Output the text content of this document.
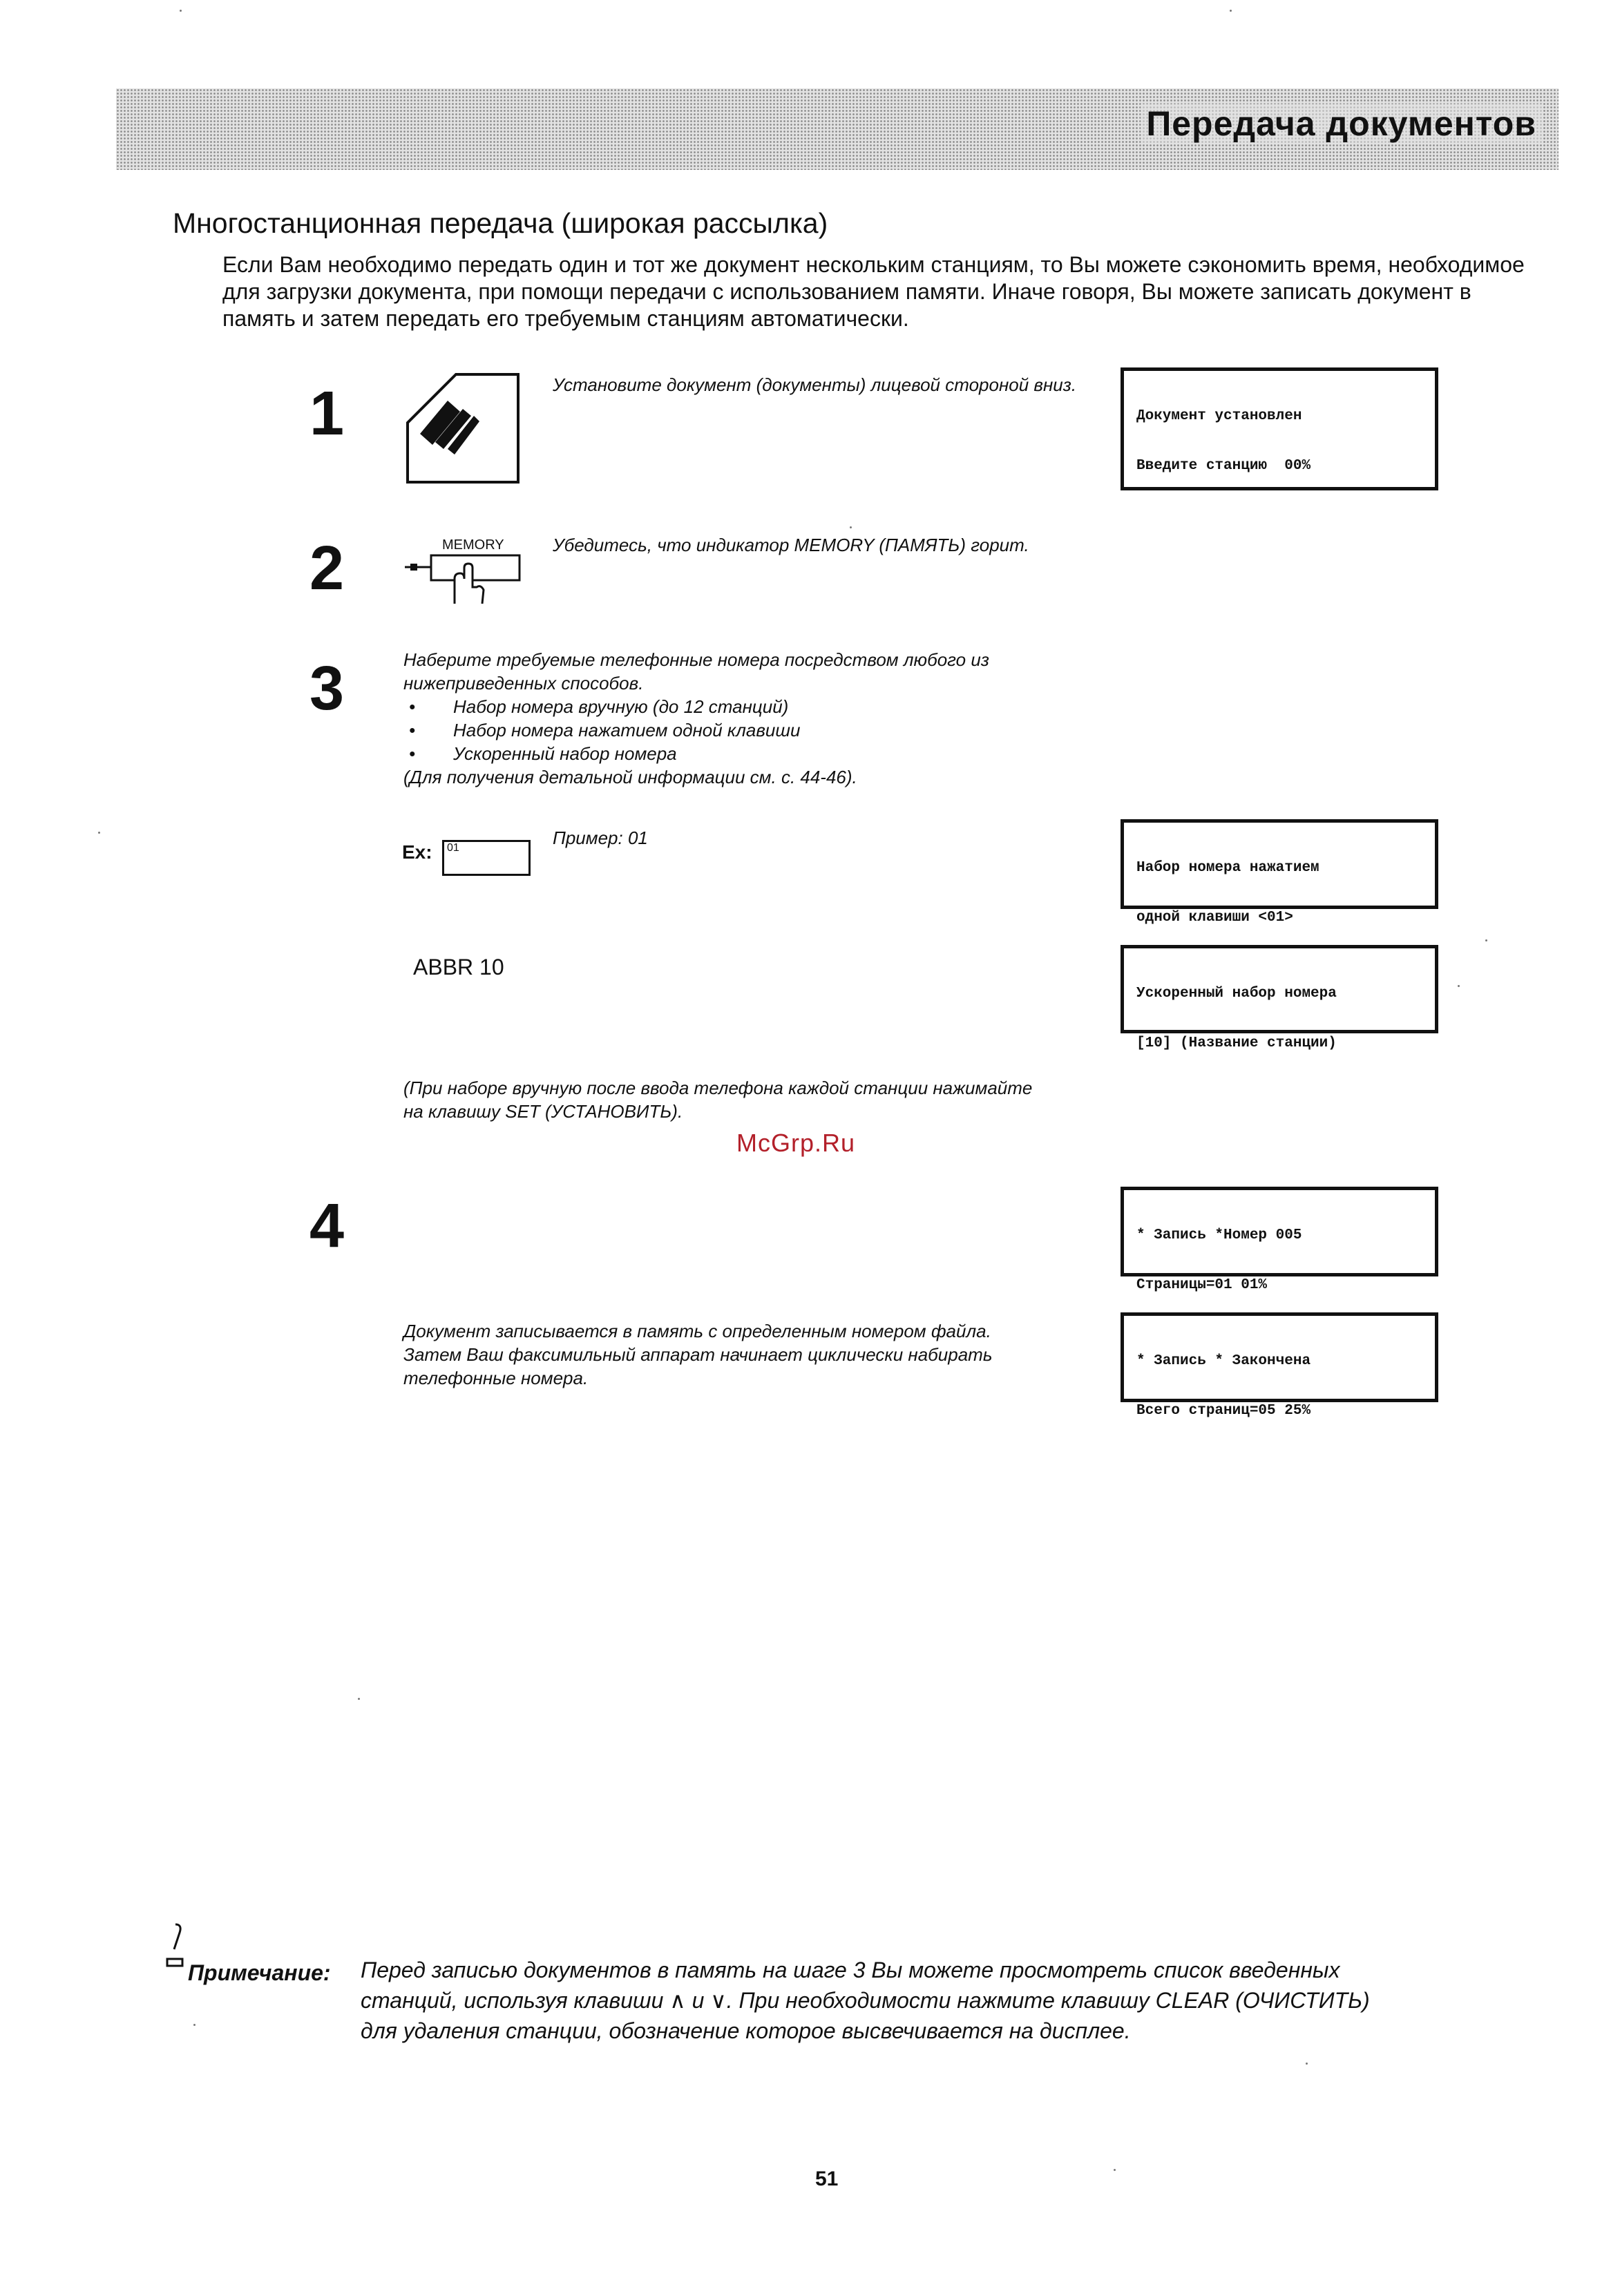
Передача документов
Многостанционная передача (широкая рассылка)
Если Вам необходимо передать один и тот же документ нескольким станциям, то Вы можете сэкономить время, необходимое для загрузки документа, при помощи передачи с использованием памяти. Иначе говоря, Вы можете записать документ в память и затем передать его требуемым станциям автоматически.
1	Установите документ (документы) лицевой стороной вниз.

Документ установлен

Введите станцию  00%

2	MEMORY	Убедитесь, что индикатор MEMORY (ПАМЯТЬ) горит.
3	Наберите требуемые телефонные номера посредством любого из
нижеприведенных способов.
• Набор номера вручную (до 12 станций)
• Набор номера нажатием одной клавиши
• Ускоренный набор номера
(Для получения детальной информации см. с. 44-46).
Ex: 01	Пример: 01

Набор номера нажатием

одной клавиши <01>

ABBR 10

Ускоренный набор номера

[10] (Название станции)

(При наборе вручную после ввода телефона каждой станции нажимайте
на клавишу SET (УСТАНОВИТЬ).
McGrp.Ru
4

	* Запись *Номер 005

Страницы=01 01%

Документ записывается в память с определенным номером файла.
Затем Ваш факсимильный аппарат начинает циклически набирать
телефонные номера.

* Запись * Закончена

Всего страниц=05 25%

Примечание: Перед записью документов в память на шаге 3 Вы можете просмотреть список введенных
станций, используя клавиши ∧ и ∨. При необходимости нажмите клавишу CLEAR (ОЧИСТИТЬ)
для удаления станции, обозначение которое высвечивается на дисплее.
51
